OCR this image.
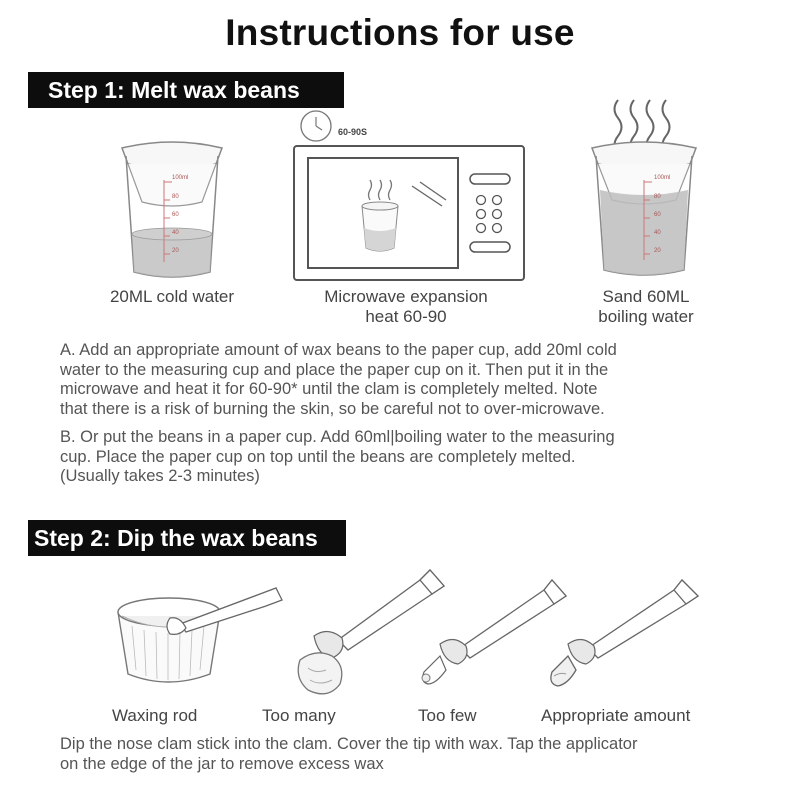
Instructions for use
Step 1: Melt wax beans
100ml
80
60
40
20
60-90S
100ml
80
60
40
20
20ML cold water	Microwave expansion
heat 60-90
Sand 60ML
boiling water
A. Add an appropriate amount of wax beans to the paper cup, add 20ml cold
water to the measuring cup and place the paper cup on it. Then put it in the
microwave and heat it for 60-90* until the clam is completely melted. Note
that there is a risk of burning the skin, so be careful not to over-microwave.
B. Or put the beans in a paper cup. Add 60ml|boiling water to the measuring
cup. Place the paper cup on top until the beans are completely melted.
(Usually takes 2-3 minutes)
Step 2: Dip the wax beans
Waxing rod	Too many	Too few	Appropriate amount
Dip the nose clam stick into the clam. Cover the tip with wax. Tap the applicator
on the edge of the jar to remove excess wax
